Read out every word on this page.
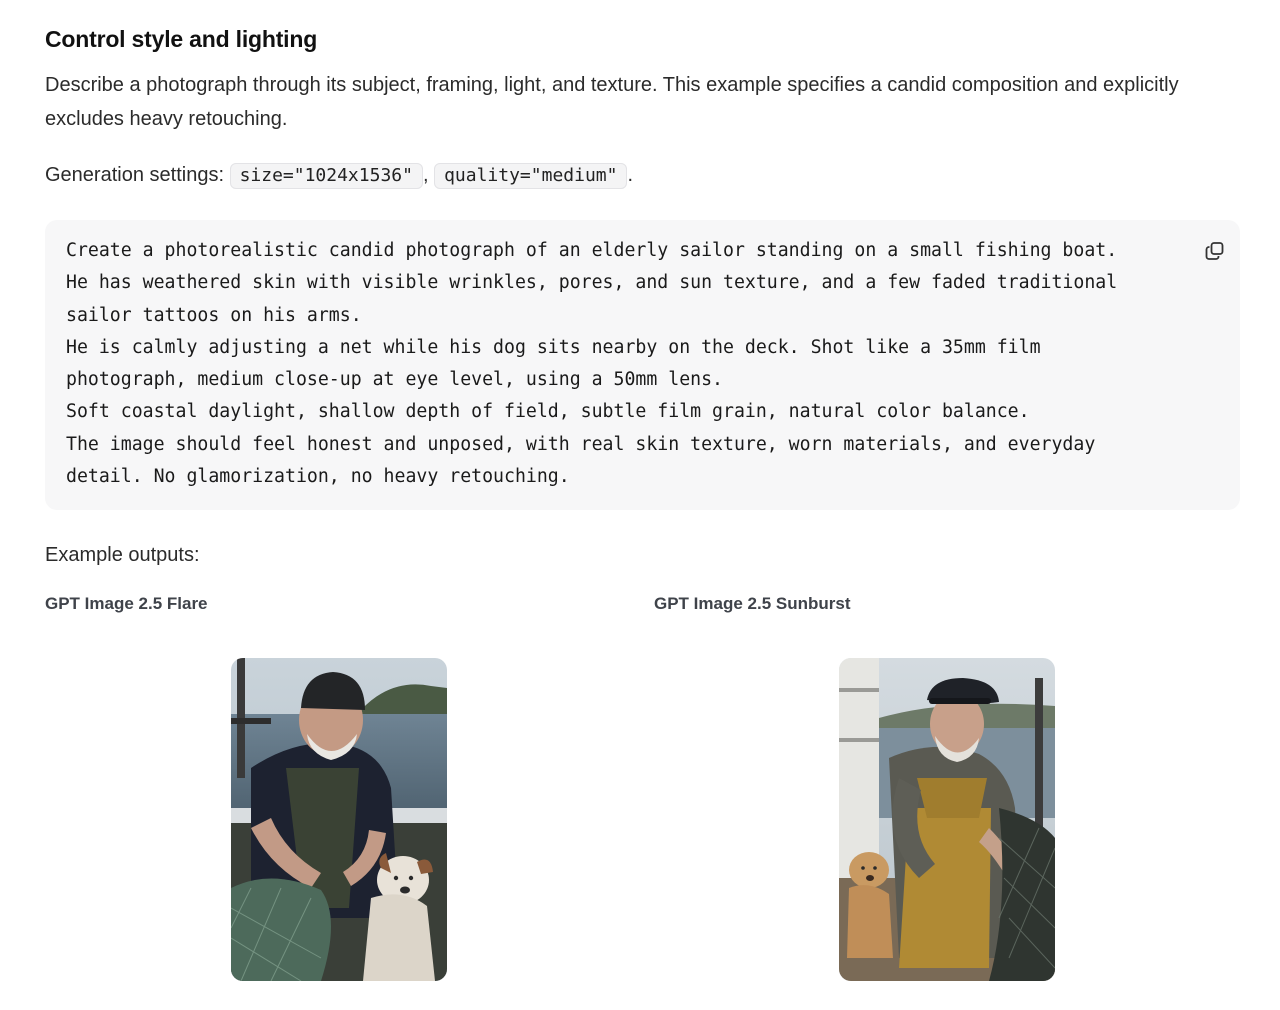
Control style and lighting

Describe a photograph through its subject, framing, light, and texture. This example specifies a candid composition and explicitly excludes heavy retouching.

Generation settings: size="1024x1536" , quality="medium" .

Create a photorealistic candid photograph of an elderly sailor standing on a small fishing boat.
He has weathered skin with visible wrinkles, pores, and sun texture, and a few faded traditional
sailor tattoos on his arms.
He is calmly adjusting a net while his dog sits nearby on the deck. Shot like a 35mm film
photograph, medium close-up at eye level, using a 50mm lens.
Soft coastal daylight, shallow depth of field, subtle film grain, natural color balance.
The image should feel honest and unposed, with real skin texture, worn materials, and everyday
detail. No glamorization, no heavy retouching.

Example outputs:

GPT Image 2.5 Flare	GPT Image 2.5 Sunburst
